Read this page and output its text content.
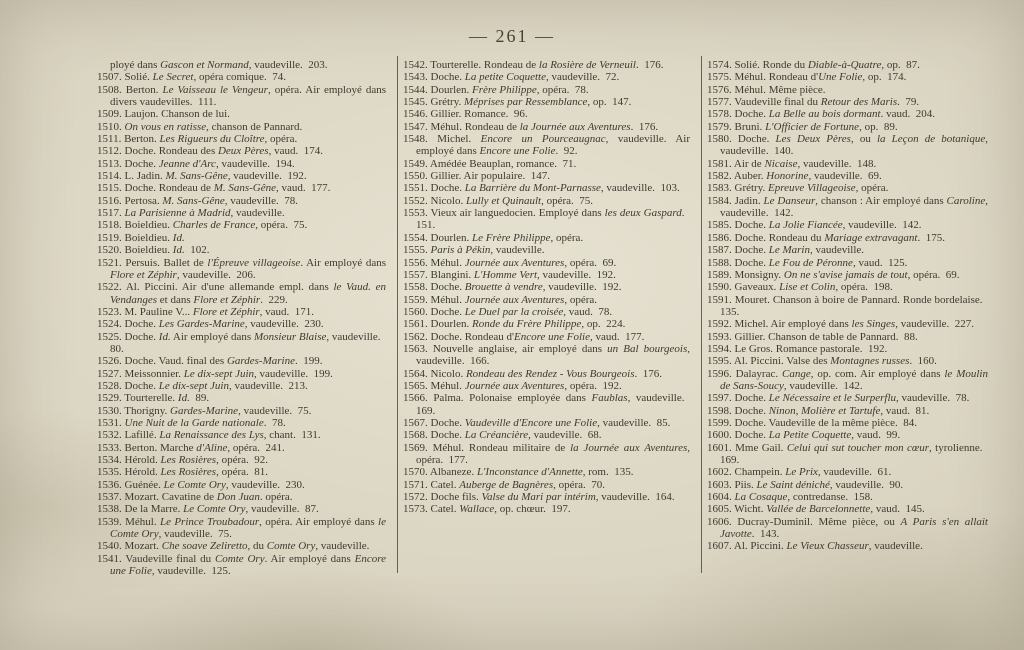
— 261 —
ployé dans Gascon et Normand, vaudeville. 203.
1507. Solié. Le Secret, opéra comique. 74.
1508. Berton. Le Vaisseau le Vengeur, opéra. Air employé dans divers vaudevilles. 111.
1509. Laujon. Chanson de lui.
1510. On vous en ratisse, chanson de Pannard.
1511. Berton. Les Rigueurs du Cloître, opéra.
1512. Doche. Rondeau des Deux Pères, vaud. 174.
1513. Doche. Jeanne d'Arc, vaudeville. 194.
1514. L. Jadin. M. Sans-Gêne, vaudeville. 192.
1515. Doche. Rondeau de M. Sans-Gêne, vaud. 177.
1516. Pertosa. M. Sans-Gêne, vaudeville. 78.
1517. La Parisienne à Madrid, vaudeville.
1518. Boieldieu. Charles de France, opéra. 75.
1519. Boieldieu. Id.
1520. Boieldieu. Id. 102.
1521. Persuis. Ballet de l'Épreuve villageoise. Air employé dans Flore et Zéphir, vaudeville. 206.
1522. Al. Piccini. Air d'une allemande empl. dans le Vaud. en Vendanges et dans Flore et Zéphir. 229.
1523. M. Pauline V... Flore et Zéphir, vaud. 171.
1524. Doche. Les Gardes-Marine, vaudeville. 230.
1525. Doche. Id. Air employé dans Monsieur Blaise, vaudeville. 80.
1526. Doche. Vaud. final des Gardes-Marine. 199.
1527. Meissonnier. Le dix-sept Juin, vaudeville. 199.
1528. Doche. Le dix-sept Juin, vaudeville. 213.
1529. Tourterelle. Id. 89.
1530. Thorigny. Gardes-Marine, vaudeville. 75.
1531. Une Nuit de la Garde nationale. 78.
1532. Lafillé. La Renaissance des Lys, chant. 131.
1533. Berton. Marche d'Aline, opéra. 241.
1534. Hérold. Les Rosières, opéra. 92.
1535. Hérold. Les Rosières, opéra. 81.
1536. Guénée. Le Comte Ory, vaudeville. 230.
1537. Mozart. Cavatine de Don Juan. opéra.
1538. De la Marre. Le Comte Ory, vaudeville. 87.
1539. Méhul. Le Prince Troubadour, opéra. Air employé dans le Comte Ory, vaudeville. 75.
1540. Mozart. Che soave Zeliretto, du Comte Ory, vaudeville.
1541. Vaudeville final du Comte Ory. Air employé dans Encore une Folie, vaudeville. 125.
1542. Tourterelle. Rondeau de la Rosière de Verneuil. 176.
1543. Doche. La petite Coquette, vaudeville. 72.
1544. Dourlen. Frère Philippe, opéra. 78.
1545. Grétry. Méprises par Ressemblance, op. 147.
1546. Gillier. Romance. 96.
1547. Méhul. Rondeau de la Journée aux Aventures. 176.
1548. Michel. Encore un Pourceaugnac, vaudeville. Air employé dans Encore une Folie. 92.
1549. Amédée Beauplan, romance. 71.
1550. Gillier. Air populaire. 147.
1551. Doche. La Barrière du Mont-Parnasse, vaudeville. 103.
1552. Nicolo. Lully et Quinault, opéra. 75.
1553. Vieux air languedocien. Employé dans les deux Gaspard. 151.
1554. Dourlen. Le Frère Philippe, opéra.
1555. Paris à Pékin, vaudeville.
1556. Méhul. Journée aux Aventures, opéra. 69.
1557. Blangini. L'Homme Vert, vaudeville. 192.
1558. Doche. Brouette à vendre, vaudeville. 192.
1559. Méhul. Journée aux Aventures, opéra.
1560. Doche. Le Duel par la croisée, vaud. 78.
1561. Dourlen. Ronde du Frère Philippe, op. 224.
1562. Doche. Rondeau d'Encore une Folie, vaud. 177.
1563. Nouvelle anglaise, air employé dans un Bal bourgeois, vaudeville. 166.
1564. Nicolo. Rondeau des Rendez - Vous Bourgeois. 176.
1565. Méhul. Journée aux Aventures, opéra. 192.
1566. Palma. Polonaise employée dans Faublas, vaudeville. 169.
1567. Doche. Vaudeville d'Encore une Folie, vaudeville. 85.
1568. Doche. La Créancière, vaudeville. 68.
1569. Méhul. Rondeau militaire de la Journée aux Aventures, opéra. 177.
1570. Albaneze. L'Inconstance d'Annette, rom. 135.
1571. Catel. Auberge de Bagnères, opéra. 70.
1572. Doche fils. Valse du Mari par intérim, vaudeville. 164.
1573. Catel. Wallace, op. chœur. 197.
1574. Solié. Ronde du Diable-à-Quatre, op. 87.
1575. Méhul. Rondeau d'Une Folie, op. 174.
1576. Méhul. Même pièce.
1577. Vaudeville final du Retour des Maris. 79.
1578. Doche. La Belle au bois dormant. vaud. 204.
1579. Bruni. L'Officier de Fortune, op. 89.
1580. Doche. Les Deux Pères, ou la Leçon de botanique, vaudeville. 140.
1581. Air de Nicaise, vaudeville. 148.
1582. Auber. Honorine, vaudeville. 69.
1583. Grétry. Epreuve Villageoise, opéra.
1584. Jadin. Le Danseur, chanson : Air employé dans Caroline, vaudeville. 142.
1585. Doche. La Jolie Fiancée, vaudeville. 142.
1586. Doche. Rondeau du Mariage extravagant. 175.
1587. Doche. Le Marin, vaudeville.
1588. Doche. Le Fou de Péronne, vaud. 125.
1589. Monsigny. On ne s'avise jamais de tout, opéra. 69.
1590. Gaveaux. Lise et Colin, opéra. 198.
1591. Mouret. Chanson à boire de Pannard. Ronde bordelaise. 135.
1592. Michel. Air employé dans les Singes, vaudeville. 227.
1593. Gillier. Chanson de table de Pannard. 88.
1594. Le Gros. Romance pastorale. 192.
1595. Al. Piccini. Valse des Montagnes russes. 160.
1596. Dalayrac. Cange, op. com. Air employé dans le Moulin de Sans-Soucy, vaudeville. 142.
1597. Doche. Le Nécessaire et le Surperflu, vaudeville. 78.
1598. Doche. Ninon, Molière et Tartufe, vaud. 81.
1599. Doche. Vaudeville de la même pièce. 84.
1600. Doche. La Petite Coquette, vaud. 99.
1601. Mme Gail. Celui qui sut toucher mon cœur, tyrolienne. 169.
1602. Champein. Le Prix, vaudeville. 61.
1603. Piis. Le Saint déniché, vaudeville. 90.
1604. La Cosaque, contredanse. 158.
1605. Wicht. Vallée de Barcelonnette, vaud. 145.
1606. Ducray-Duminil. Même pièce, ou A Paris s'en allait Javotte. 143.
1607. Al. Piccini. Le Vieux Chasseur, vaudeville.
